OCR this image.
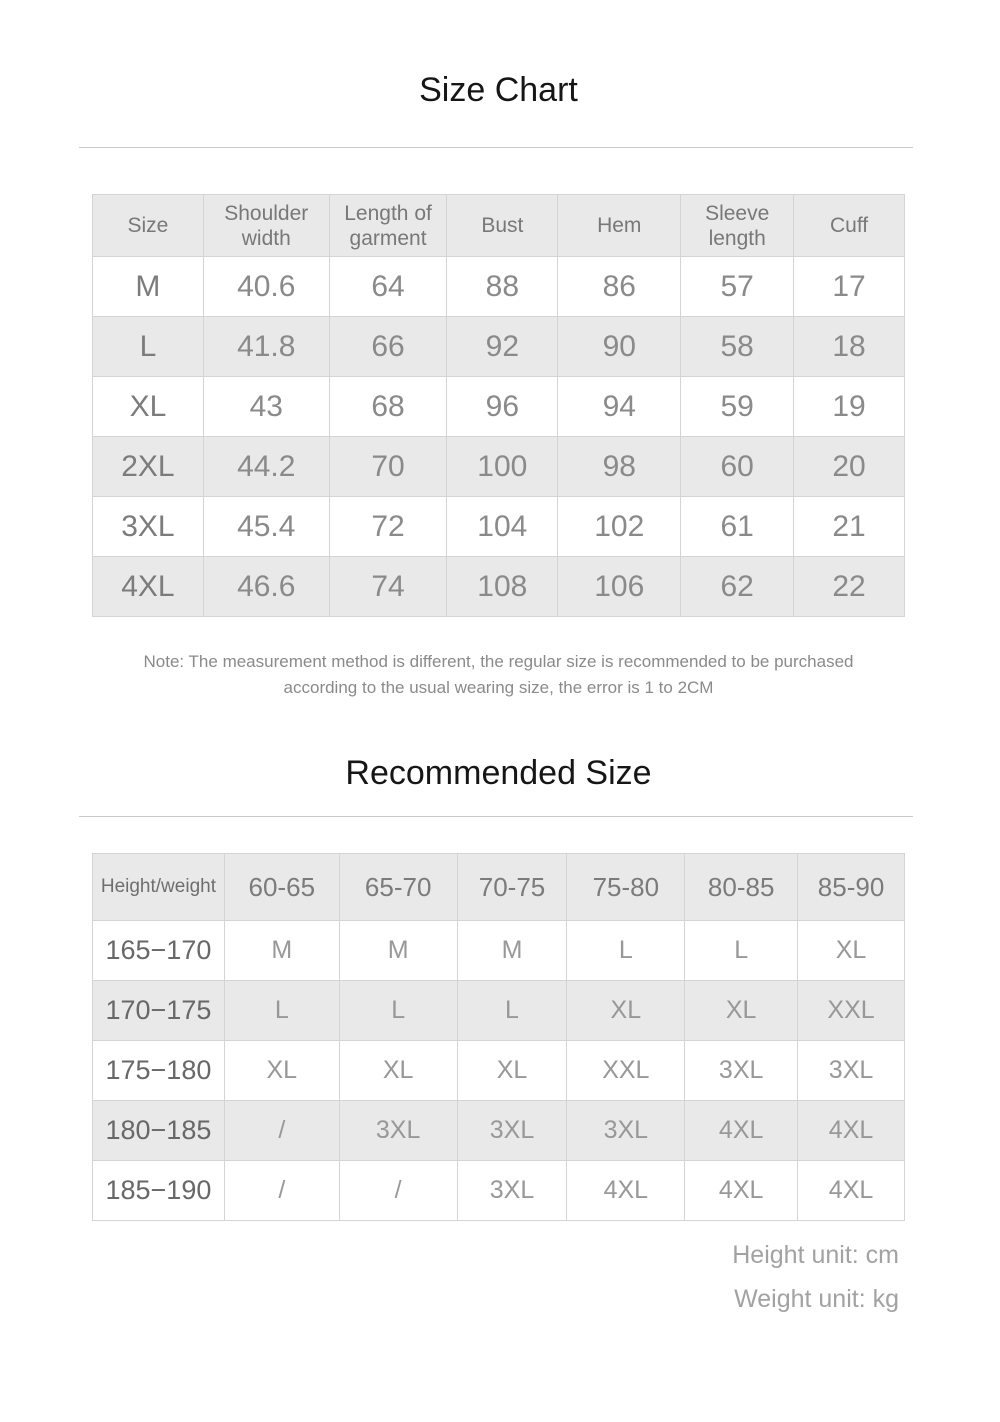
Size Chart
Size	Shoulder width	Length of garment	Bust	Hem	Sleeve length	Cuff
M	40.6	64	88	86	57	17
L	41.8	66	92	90	58	18
XL	43	68	96	94	59	19
2XL	44.2	70	100	98	60	20
3XL	45.4	72	104	102	61	21
4XL	46.6	74	108	106	62	22
Note: The measurement method is different, the regular size is recommended to be purchased
according to the usual wearing size, the error is 1 to 2CM
Recommended Size
Height/weight	60-65	65-70	70-75	75-80	80-85	85-90
165−170	M	M	M	L	L	XL
170−175	L	L	L	XL	XL	XXL
175−180	XL	XL	XL	XXL	3XL	3XL
180−185	/	3XL	3XL	3XL	4XL	4XL
185−190	/	/	3XL	4XL	4XL	4XL
Height unit: cm
Weight unit: kg
